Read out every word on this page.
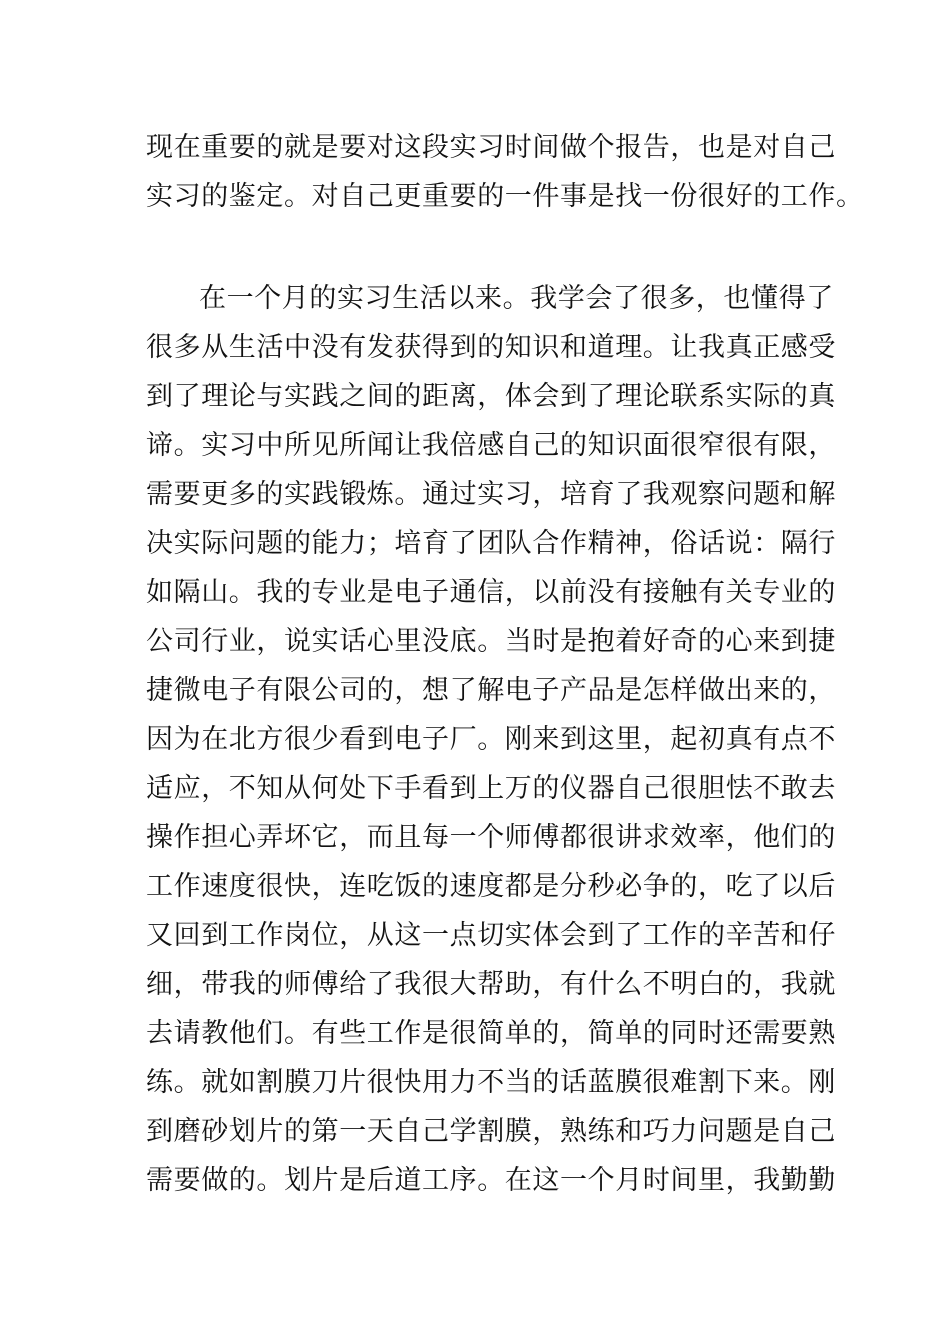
现在重要的就是要对这段实习时间做个报告，也是对自己
实习的鉴定。对自己更重要的一件事是找一份很好的工作。
在一个月的实习生活以来。我学会了很多，也懂得了
很多从生活中没有发获得到的知识和道理。让我真正感受
到了理论与实践之间的距离，体会到了理论联系实际的真
谛。实习中所见所闻让我倍感自己的知识面很窄很有限，
需要更多的实践锻炼。通过实习，培育了我观察问题和解
决实际问题的能力；培育了团队合作精神，俗话说：隔行
如隔山。我的专业是电子通信，以前没有接触有关专业的
公司行业，说实话心里没底。当时是抱着好奇的心来到捷
捷微电子有限公司的，想了解电子产品是怎样做出来的，
因为在北方很少看到电子厂。刚来到这里，起初真有点不
适应，不知从何处下手看到上万的仪器自己很胆怯不敢去
操作担心弄坏它，而且每一个师傅都很讲求效率，他们的
工作速度很快，连吃饭的速度都是分秒必争的，吃了以后
又回到工作岗位，从这一点切实体会到了工作的辛苦和仔
细，带我的师傅给了我很大帮助，有什么不明白的，我就
去请教他们。有些工作是很简单的，简单的同时还需要熟
练。就如割膜刀片很快用力不当的话蓝膜很难割下来。刚
到磨砂划片的第一天自己学割膜，熟练和巧力问题是自己
需要做的。划片是后道工序。在这一个月时间里，我勤勤
